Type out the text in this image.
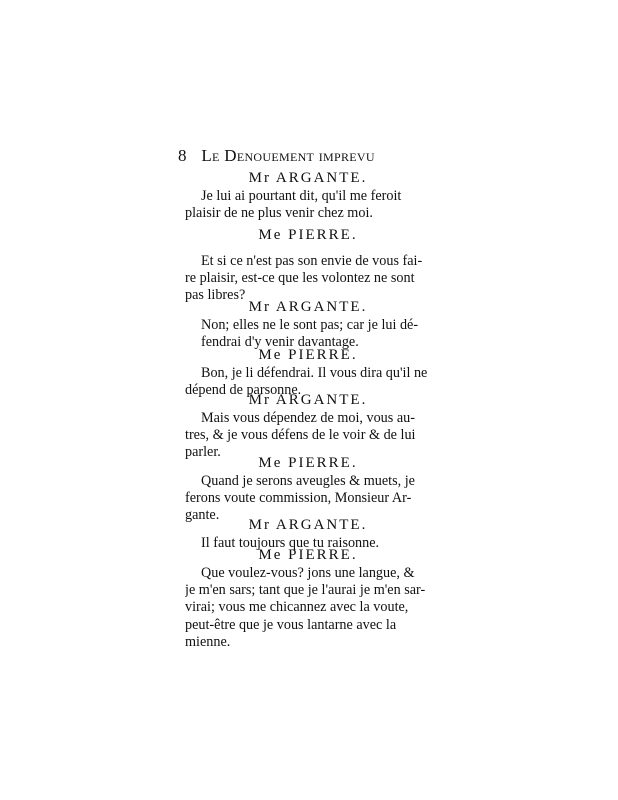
8 Le Denouement imprevu
Mr ARGANTE.
Je lui ai pourtant dit, qu'il me feroit
plaisir de ne plus venir chez moi.
Me PIERRE.
Et si ce n'est pas son envie de vous fai-
re plaisir, est-ce que les volontez ne sont
pas libres?
Mr ARGANTE.
Non; elles ne le sont pas; car je lui dé-
fendrai d'y venir davantage.
Me PIERRE.
Bon, je li défendrai. Il vous dira qu'il ne
dépend de parsonne.
Mr ARGANTE.
Mais vous dépendez de moi, vous au-
tres, & je vous défens de le voir & de lui
parler.
Me PIERRE.
Quand je serons aveugles & muets, je
ferons voute commission, Monsieur Ar-
gante.
Mr ARGANTE.
Il faut toujours que tu raisonne.
Me PIERRE.
Que voulez-vous? jons une langue, &
je m'en sars; tant que je l'aurai je m'en sar-
virai; vous me chicannez avec la voute,
peut-être que je vous lantarne avec la
mienne.
